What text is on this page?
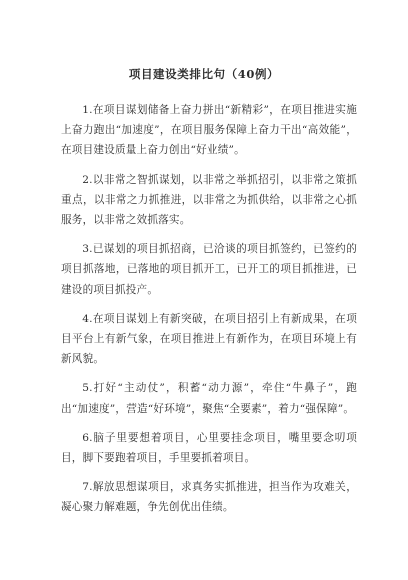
项目建设类排比句（40例）

1.在项目谋划储备上奋力拼出“新精彩”，在项目推进实施上奋力跑出“加速度”，在项目服务保障上奋力干出“高效能”，在项目建设质量上奋力创出“好业绩”。

2.以非常之智抓谋划，以非常之举抓招引，以非常之策抓重点，以非常之力抓推进，以非常之为抓供给，以非常之心抓服务，以非常之效抓落实。

3.已谋划的项目抓招商，已洽谈的项目抓签约，已签约的项目抓落地，已落地的项目抓开工，已开工的项目抓推进，已建设的项目抓投产。

4.在项目谋划上有新突破，在项目招引上有新成果，在项目平台上有新气象，在项目推进上有新作为，在项目环境上有新风貌。

5.打好“主动仗”，积蓄“动力源”，牵住“牛鼻子”，跑出“加速度”，营造“好环境”，聚焦“全要素”，着力“强保障”。

6.脑子里要想着项目，心里要挂念项目，嘴里要念叨项目，脚下要跑着项目，手里要抓着项目。

7.解放思想谋项目，求真务实抓推进，担当作为攻难关，凝心聚力解难题，争先创优出佳绩。
